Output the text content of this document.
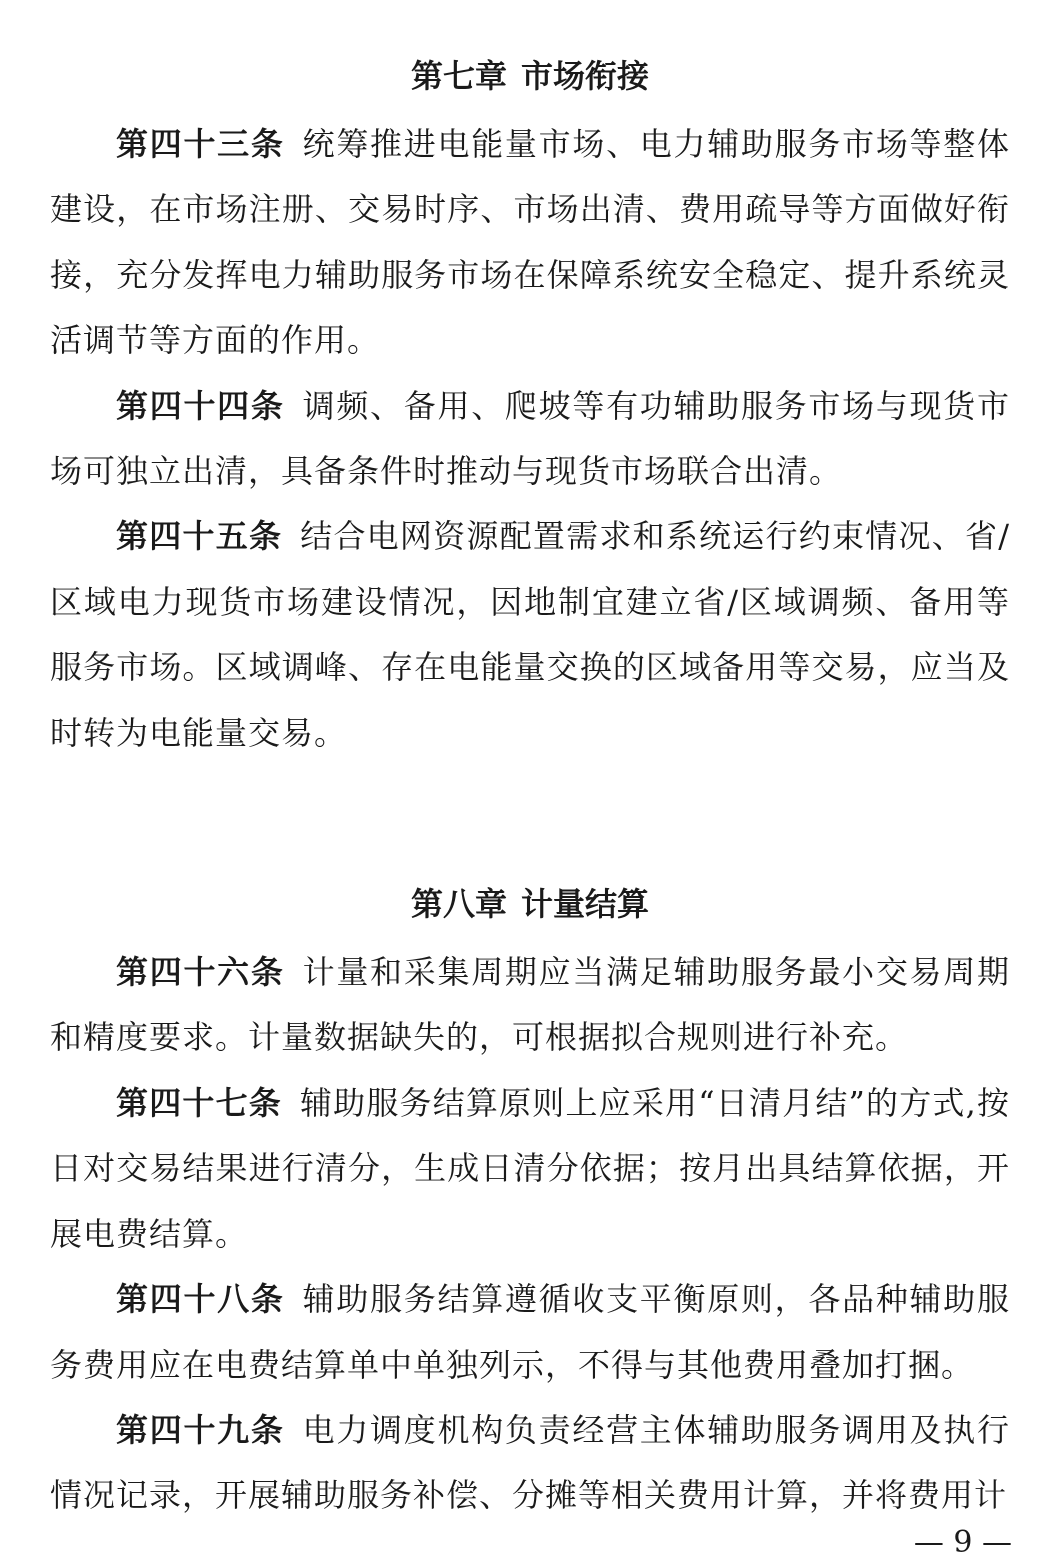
第七章 市场衔接

第四十三条 统筹推进电能量市场、电力辅助服务市场等整体建设，在市场注册、交易时序、市场出清、费用疏导等方面做好衔接，充分发挥电力辅助服务市场在保障系统安全稳定、提升系统灵活调节等方面的作用。

第四十四条 调频、备用、爬坡等有功辅助服务市场与现货市场可独立出清，具备条件时推动与现货市场联合出清。

第四十五条 结合电网资源配置需求和系统运行约束情况、省/区域电力现货市场建设情况，因地制宜建立省/区域调频、备用等服务市场。区域调峰、存在电能量交换的区域备用等交易，应当及时转为电能量交易。

第八章 计量结算

第四十六条 计量和采集周期应当满足辅助服务最小交易周期和精度要求。计量数据缺失的，可根据拟合规则进行补充。

第四十七条 辅助服务结算原则上应采用“日清月结”的方式,按日对交易结果进行清分，生成日清分依据；按月出具结算依据，开展电费结算。

第四十八条 辅助服务结算遵循收支平衡原则，各品种辅助服务费用应在电费结算单中单独列示，不得与其他费用叠加打捆。

第四十九条 电力调度机构负责经营主体辅助服务调用及执行情况记录，开展辅助服务补偿、分摊等相关费用计算，并将费用计

— 9 —
